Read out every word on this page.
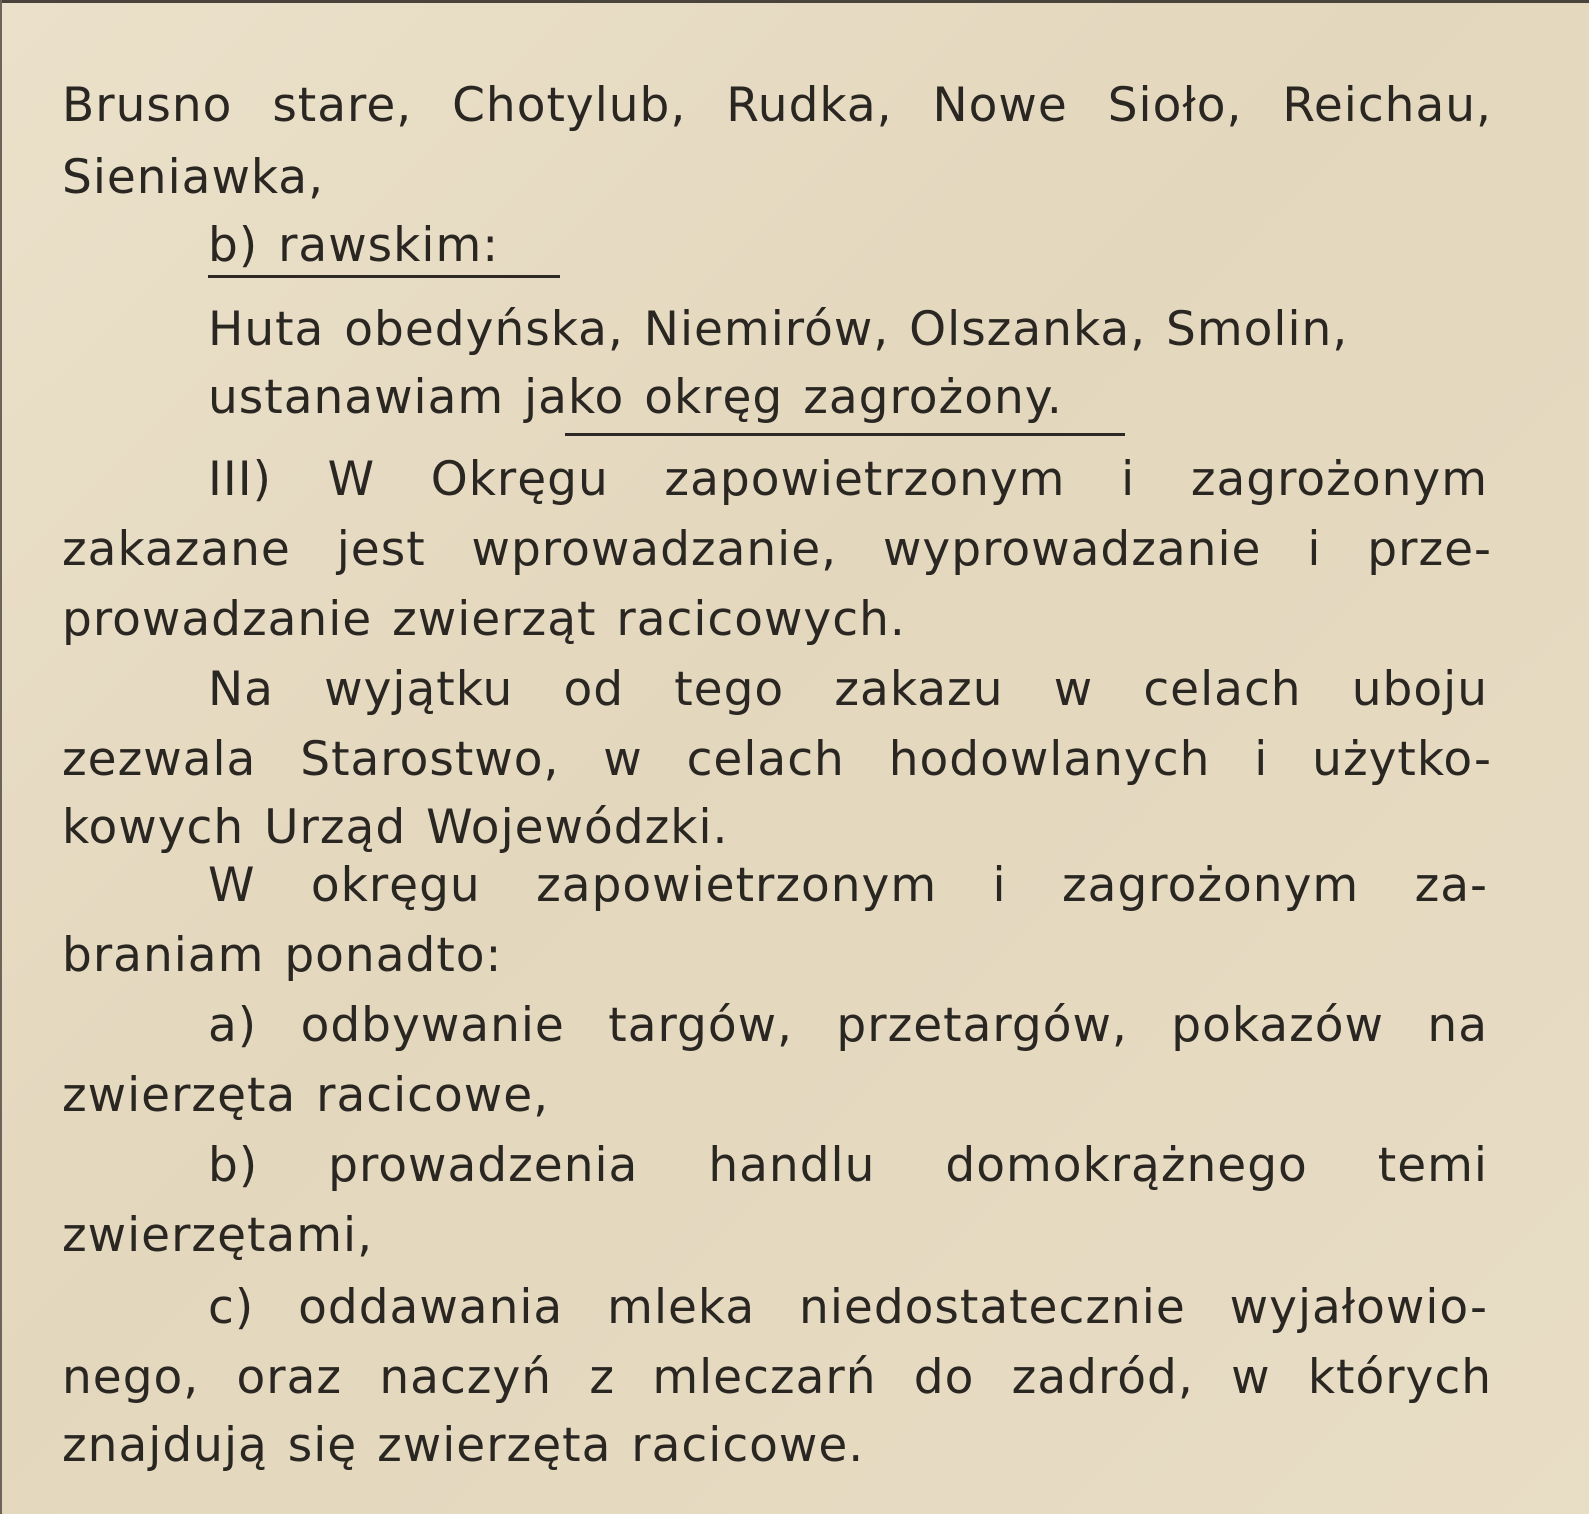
Brusno stare, Chotylub, Rudka, Nowe Sioło, Reichau,
Sieniawka,
b) rawskim:
Huta obedyńska, Niemirów, Olszanka, Smolin,
ustanawiam jako okręg zagrożony.
III) W Okręgu zapowietrzonym i zagrożonym
zakazane jest wprowadzanie, wyprowadzanie i prze-
prowadzanie zwierząt racicowych.
Na wyjątku od tego zakazu w celach uboju
zezwala Starostwo, w celach hodowlanych i użytko-
kowych Urząd Wojewódzki.
W okręgu zapowietrzonym i zagrożonym za-
braniam ponadto:
a) odbywanie targów, przetargów, pokazów na
zwierzęta racicowe,
b) prowadzenia handlu domokrążnego temi
zwierzętami,
c) oddawania mleka niedostatecznie wyjałowio-
nego, oraz naczyń z mleczarń do zadród, w których
znajdują się zwierzęta racicowe.
